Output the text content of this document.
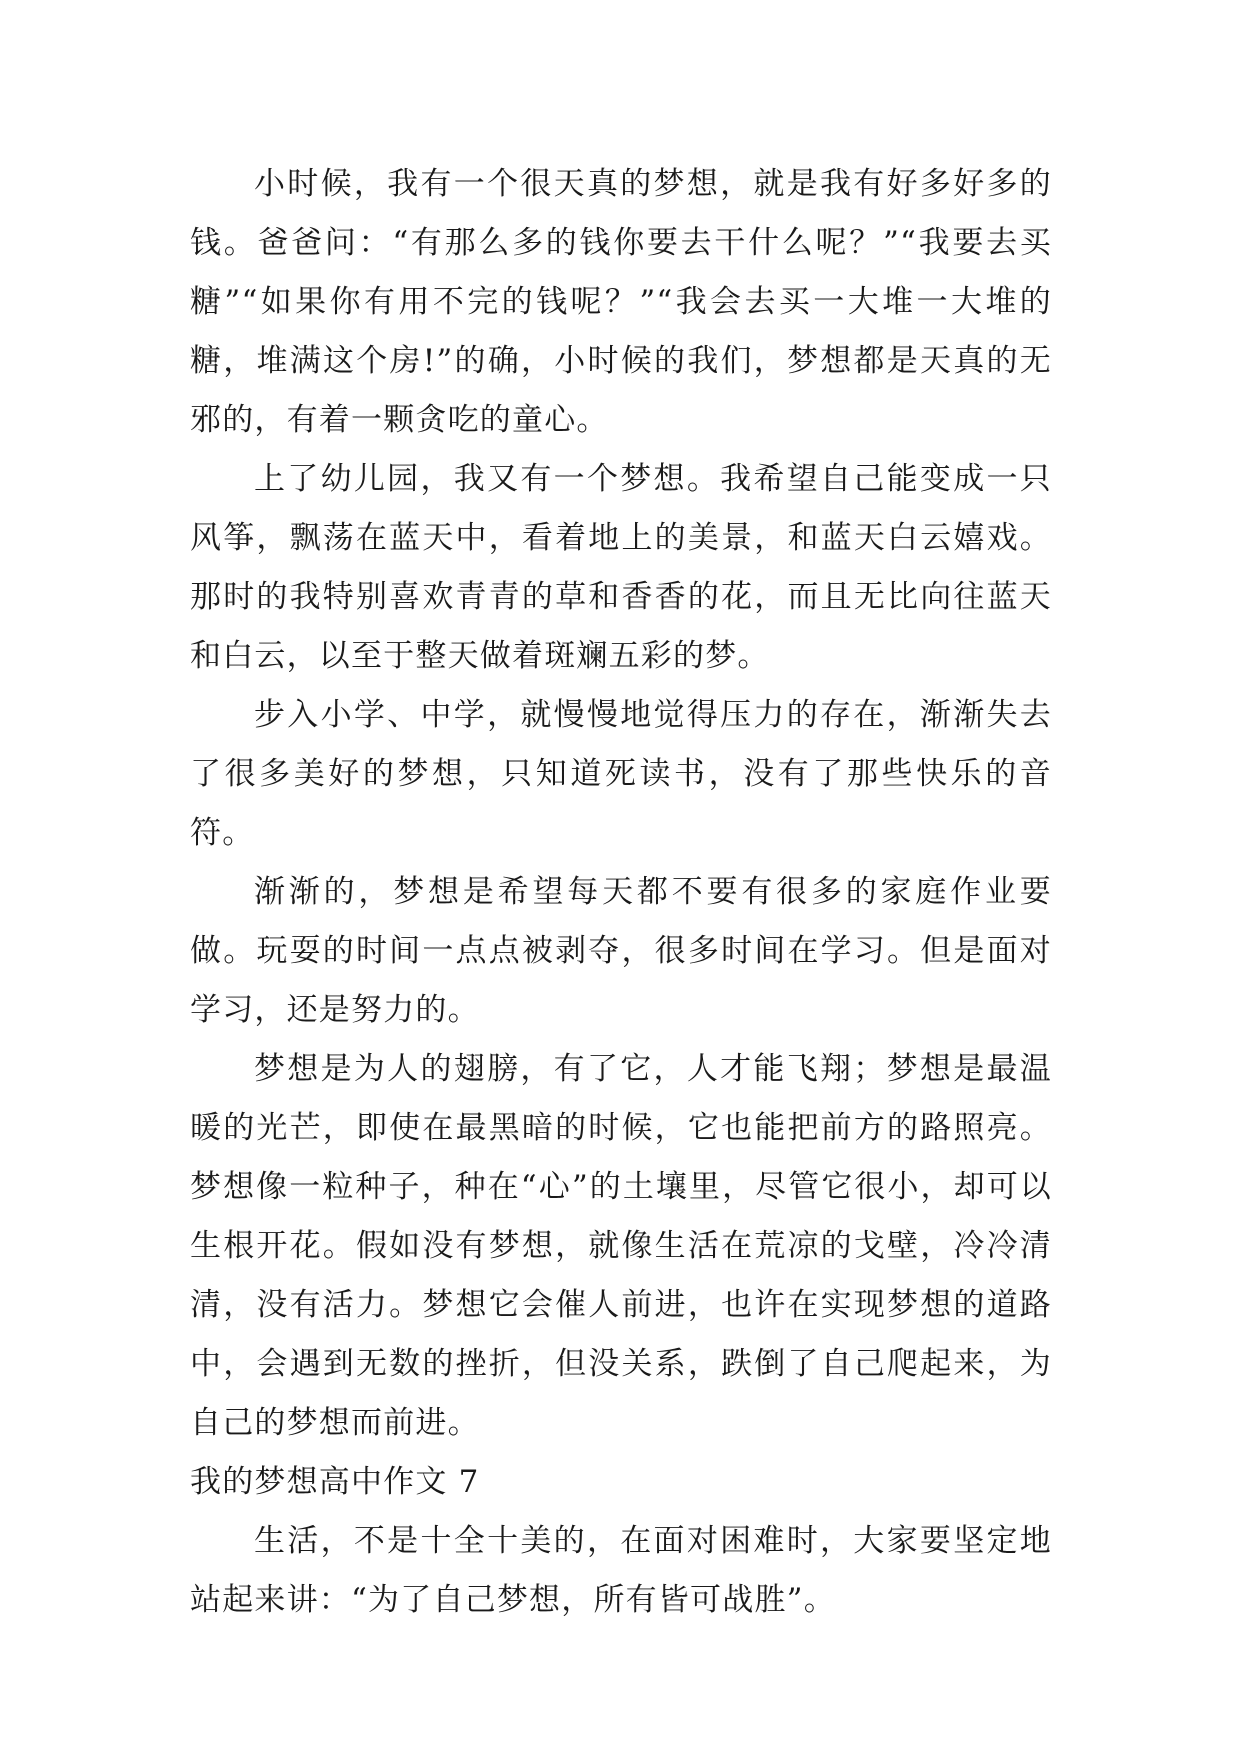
小时候，我有一个很天真的梦想，就是我有好多好多的钱。爸爸问：“有那么多的钱你要去干什么呢？”“我要去买糖”“如果你有用不完的钱呢？”“我会去买一大堆一大堆的糖，堆满这个房!”的确，小时候的我们，梦想都是天真的无邪的，有着一颗贪吃的童心。

上了幼儿园，我又有一个梦想。我希望自己能变成一只风筝，飘荡在蓝天中，看着地上的美景，和蓝天白云嬉戏。那时的我特别喜欢青青的草和香香的花，而且无比向往蓝天和白云，以至于整天做着斑斓五彩的梦。

步入小学、中学，就慢慢地觉得压力的存在，渐渐失去了很多美好的梦想，只知道死读书，没有了那些快乐的音符。

渐渐的，梦想是希望每天都不要有很多的家庭作业要做。玩耍的时间一点点被剥夺，很多时间在学习。但是面对学习，还是努力的。

梦想是为人的翅膀，有了它，人才能飞翔；梦想是最温暖的光芒，即使在最黑暗的时候，它也能把前方的路照亮。梦想像一粒种子，种在“心”的土壤里，尽管它很小，却可以生根开花。假如没有梦想，就像生活在荒凉的戈壁，冷冷清清，没有活力。梦想它会催人前进，也许在实现梦想的道路中，会遇到无数的挫折，但没关系，跌倒了自己爬起来，为自己的梦想而前进。

我的梦想高中作文 7

生活，不是十全十美的，在面对困难时，大家要坚定地站起来讲：“为了自己梦想，所有皆可战胜”。
